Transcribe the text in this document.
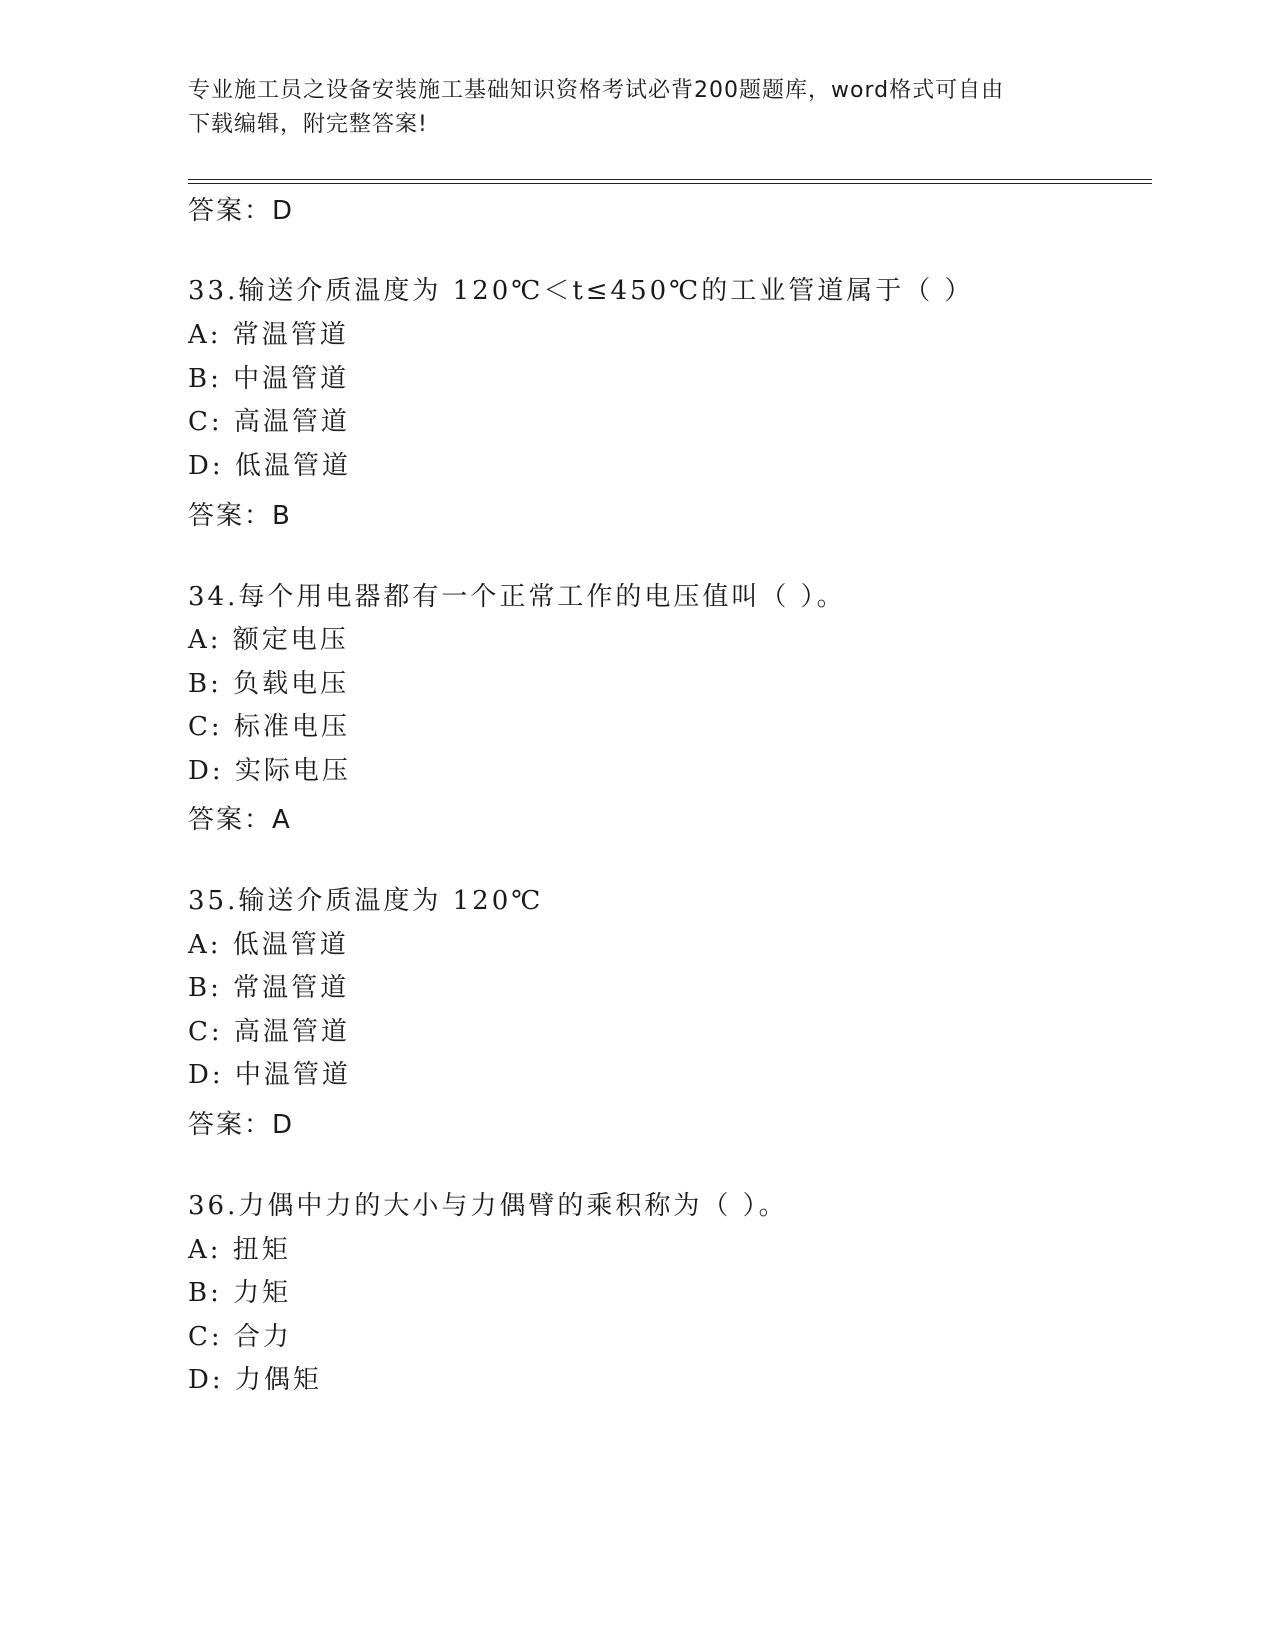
专业施工员之设备安装施工基础知识资格考试必背200题题库，word格式可自由
下载编辑，附完整答案!
答案：D
33.输送介质温度为 120℃＜t≤450℃的工业管道属于（ ）
A: 常温管道
B: 中温管道
C: 高温管道
D: 低温管道
答案：B
34.每个用电器都有一个正常工作的电压值叫（ ）。
A: 额定电压
B: 负载电压
C: 标准电压
D: 实际电压
答案：A
35.输送介质温度为 120℃
A: 低温管道
B: 常温管道
C: 高温管道
D: 中温管道
答案：D
36.力偶中力的大小与力偶臂的乘积称为（ ）。
A: 扭矩
B: 力矩
C: 合力
D: 力偶矩
